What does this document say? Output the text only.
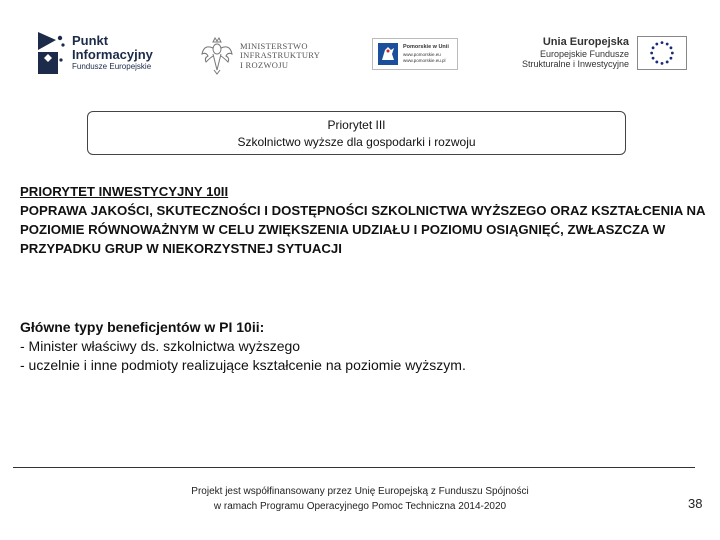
Punkt
Informacyjny
Fundusze Europejskie
MINISTERSTWO
INFRASTRUKTURY
I ROZWOJU
Pomorskie w Unii
www.pomorskie.eu
www.pomorskie.eu.pl
Unia Europejska
Europejskie Fundusze
Strukturalne i Inwestycyjne
Priorytet III
Szkolnictwo wyższe dla gospodarki i rozwoju
PRIORYTET INWESTYCYJNY 10II
POPRAWA JAKOŚCI, SKUTECZNOŚCI I DOSTĘPNOŚCI SZKOLNICTWA WYŻSZEGO ORAZ KSZTAŁCENIA NA POZIOMIE RÓWNOWAŻNYM W CELU ZWIĘKSZENIA UDZIAŁU I POZIOMU OSIĄGNIĘĆ, ZWŁASZCZA W PRZYPADKU GRUP W NIEKORZYSTNEJ SYTUACJI
Główne typy beneficjentów w PI 10ii:
- Minister właściwy ds. szkolnictwa wyższego
- uczelnie i inne podmioty realizujące kształcenie na poziomie wyższym.
Projekt jest współfinansowany przez Unię Europejską z Funduszu Spójności
w ramach Programu Operacyjnego Pomoc Techniczna 2014-2020	38
